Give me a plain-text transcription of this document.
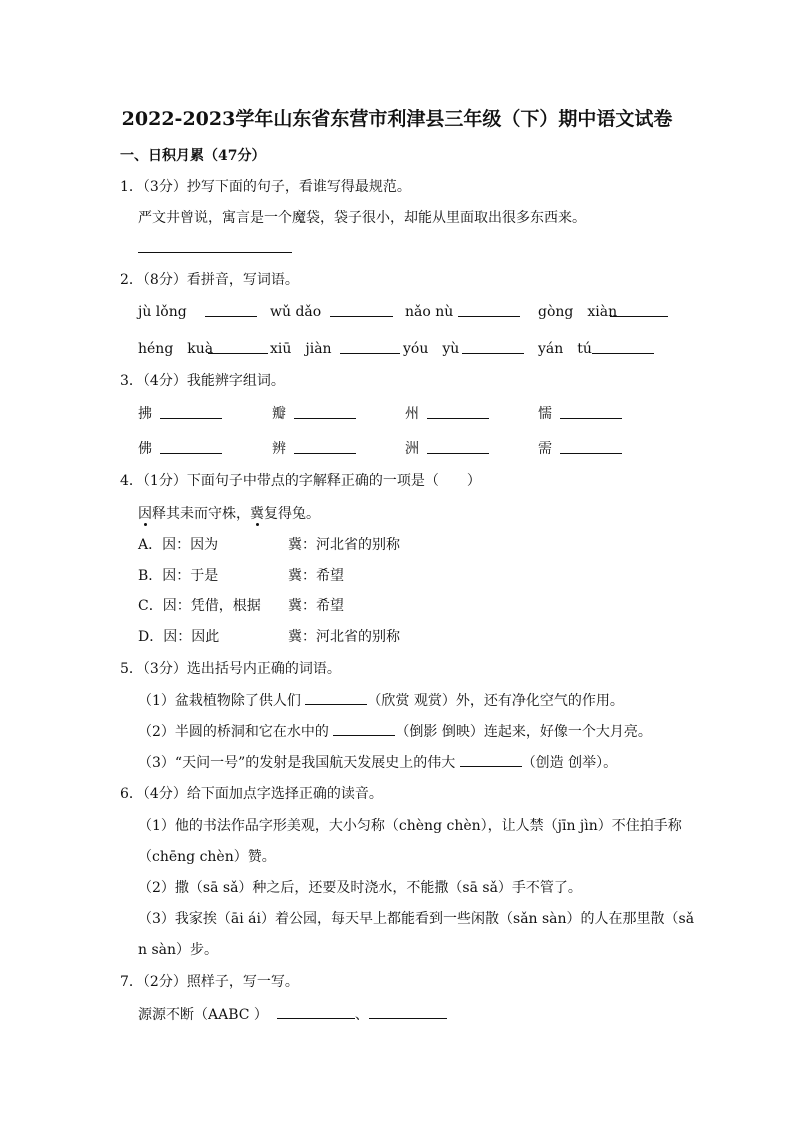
2022-2023学年山东省东营市利津县三年级（下）期中语文试卷
一、日积月累（47分）
1．（3分）抄写下面的句子，看谁写得最规范。
严文井曾说，寓言是一个魔袋，袋子很小，却能从里面取出很多东西来。
2．（8分）看拼音，写词语。
jù lǒng	wǔ dǎo	nǎo nù	gòng　xiàn
héng　kuà	xiū　jiàn	yóu　yù	yán　tú
3．（4分）我能辨字组词。
拂	瓣	州	懦
佛	辨	洲	需
4．（1分）下面句子中带点的字解释正确的一项是（　　）
因释其耒而守株，冀复得兔。
A．因：因为	冀：河北省的别称
B．因：于是	冀：希望
C．因：凭借，根据 冀：希望
D．因：因此	冀：河北省的别称
5．（3分）选出括号内正确的词语。
（1）盆栽植物除了供人们	（欣赏 观赏）外，还有净化空气的作用。
（2）半圆的桥洞和它在水中的	（倒影 倒映）连起来，好像一个大月亮。
（3）“天问一号”的发射是我国航天发展史上的伟大	（创造 创举）。
6．（4分）给下面加点字选择正确的读音。
（1）他的书法作品字形美观，大小匀称（chèng chèn），让人禁（jīn jìn）不住拍手称
（chēng chèn）赞。
（2）撒（sā sǎ）种之后，还要及时浇水，不能撒（sā sǎ）手不管了。
（3）我家挨（āi ái）着公园，每天早上都能看到一些闲散（sǎn sàn）的人在那里散（sǎ
n sàn）步。
7．（2分）照样子，写一写。
源源不断（AABC ）	、
